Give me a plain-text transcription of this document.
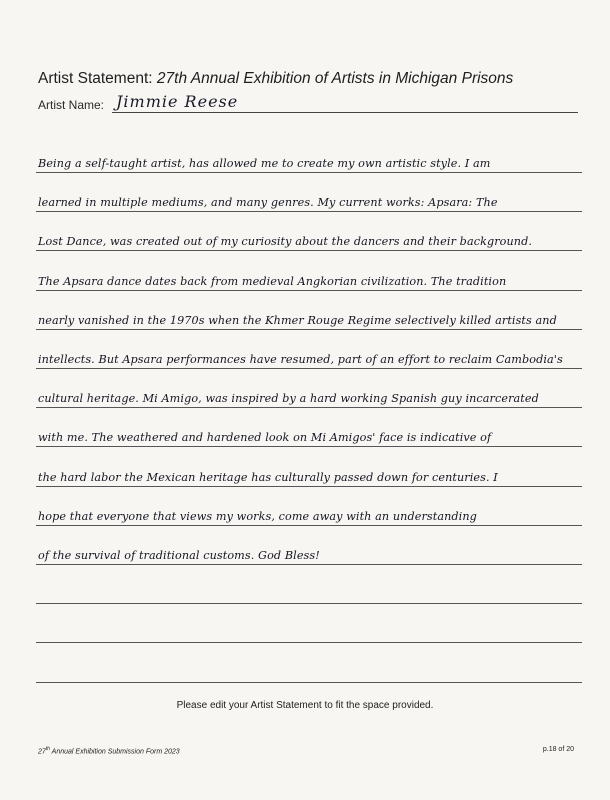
Artist Statement: 27th Annual Exhibition of Artists in Michigan Prisons
Artist Name: Jimmie Reese
Being a self-taught artist, has allowed me to create my own artistic style. I am
learned in multiple mediums, and many genres. My current works: Apsara: The
Lost Dance, was created out of my curiosity about the dancers and their background.
The Apsara dance dates back from medieval Angkorian civilization. The tradition
nearly vanished in the 1970s when the Khmer Rouge Regime selectively killed artists and
intellects. But Apsara performances have resumed, part of an effort to reclaim Cambodia's
cultural heritage. Mi Amigo, was inspired by a hard working Spanish guy incarcerated
with me. The weathered and hardened look on Mi Amigos' face is indicative of
the hard labor the Mexican heritage has culturally passed down for centuries. I
hope that everyone that views my works, come away with an understanding
of the survival of traditional customs. God Bless!
Please edit your Artist Statement to fit the space provided.
27th Annual Exhibition Submission Form 2023	p.18 of 20
